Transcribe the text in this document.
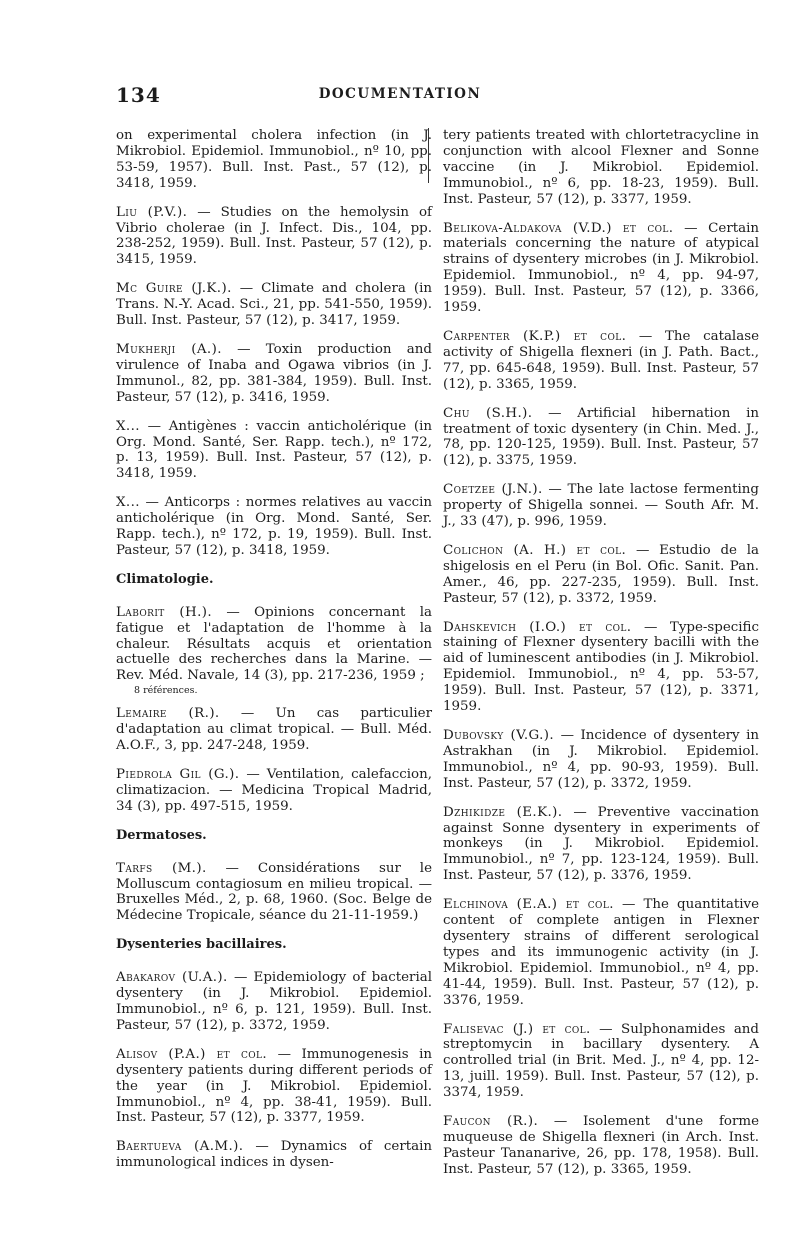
134	DOCUMENTATION
on experimental cholera infection (in J. Mikrobiol. Epidemiol. Immunobiol., nº 10, pp. 53-59, 1957). Bull. Inst. Past., 57 (12), p. 3418, 1959.
Liu (P.V.). — Studies on the hemolysin of Vibrio cholerae (in J. Infect. Dis., 104, pp. 238-252, 1959). Bull. Inst. Pasteur, 57 (12), p. 3415, 1959.
Mc Guire (J.K.). — Climate and cholera (in Trans. N.-Y. Acad. Sci., 21, pp. 541-550, 1959). Bull. Inst. Pasteur, 57 (12), p. 3417, 1959.
Mukherji (A.). — Toxin production and virulence of Inaba and Ogawa vibrios (in J. Immunol., 82, pp. 381-384, 1959). Bull. Inst. Pasteur, 57 (12), p. 3416, 1959.
X... — Antigènes : vaccin anticholérique (in Org. Mond. Santé, Ser. Rapp. tech.), nº 172, p. 13, 1959). Bull. Inst. Pasteur, 57 (12), p. 3418, 1959.
X... — Anticorps : normes relatives au vaccin anticholérique (in Org. Mond. Santé, Ser. Rapp. tech.), nº 172, p. 19, 1959). Bull. Inst. Pasteur, 57 (12), p. 3418, 1959.
Climatologie.
Laborit (H.). — Opinions concernant la fatigue et l'adaptation de l'homme à la chaleur. Résultats acquis et orientation actuelle des recherches dans la Marine. — Rev. Méd. Navale, 14 (3), pp. 217-236, 1959 ;
8 références.
Lemaire (R.). — Un cas particulier d'adaptation au climat tropical. — Bull. Méd. A.O.F., 3, pp. 247-248, 1959.
Piedrola Gil (G.). — Ventilation, calefaccion, climatizacion. — Medicina Tropical Madrid, 34 (3), pp. 497-515, 1959.
Dermatoses.
Tarfs (M.). — Considérations sur le Molluscum contagiosum en milieu tropical. — Bruxelles Méd., 2, p. 68, 1960. (Soc. Belge de Médecine Tropicale, séance du 21-11-1959.)
Dysenteries bacillaires.
Abakarov (U.A.). — Epidemiology of bacterial dysentery (in J. Mikrobiol. Epidemiol. Immunobiol., nº 6, p. 121, 1959). Bull. Inst. Pasteur, 57 (12), p. 3372, 1959.
Alisov (P.A.) et col. — Immunogenesis in dysentery patients during different periods of the year (in J. Mikrobiol. Epidemiol. Immunobiol., nº 4, pp. 38-41, 1959). Bull. Inst. Pasteur, 57 (12), p. 3377, 1959.
Baertueva (A.M.). — Dynamics of certain immunological indices in dysen-
tery patients treated with chlortetracycline in conjunction with alcool Flexner and Sonne vaccine (in J. Mikrobiol. Epidemiol. Immunobiol., nº 6, pp. 18-23, 1959). Bull. Inst. Pasteur, 57 (12), p. 3377, 1959.
Belikova-Aldakova (V.D.) et col. — Certain materials concerning the nature of atypical strains of dysentery microbes (in J. Mikrobiol. Epidemiol. Immunobiol., nº 4, pp. 94-97, 1959). Bull. Inst. Pasteur, 57 (12), p. 3366, 1959.
Carpenter (K.P.) et col. — The catalase activity of Shigella flexneri (in J. Path. Bact., 77, pp. 645-648, 1959). Bull. Inst. Pasteur, 57 (12), p. 3365, 1959.
Chu (S.H.). — Artificial hibernation in treatment of toxic dysentery (in Chin. Med. J., 78, pp. 120-125, 1959). Bull. Inst. Pasteur, 57 (12), p. 3375, 1959.
Coetzee (J.N.). — The late lactose fermenting property of Shigella sonnei. — South Afr. M. J., 33 (47), p. 996, 1959.
Colichon (A. H.) et col. — Estudio de la shigelosis en el Peru (in Bol. Ofic. Sanit. Pan. Amer., 46, pp. 227-235, 1959). Bull. Inst. Pasteur, 57 (12), p. 3372, 1959.
Dahskevich (I.O.) et col. — Type-specific staining of Flexner dysentery bacilli with the aid of luminescent antibodies (in J. Mikrobiol. Epidemiol. Immunobiol., nº 4, pp. 53-57, 1959). Bull. Inst. Pasteur, 57 (12), p. 3371, 1959.
Dubovsky (V.G.). — Incidence of dysentery in Astrakhan (in J. Mikrobiol. Epidemiol. Immunobiol., nº 4, pp. 90-93, 1959). Bull. Inst. Pasteur, 57 (12), p. 3372, 1959.
Dzhikidze (E.K.). — Preventive vaccination against Sonne dysentery in experiments of monkeys (in J. Mikrobiol. Epidemiol. Immunobiol., nº 7, pp. 123-124, 1959). Bull. Inst. Pasteur, 57 (12), p. 3376, 1959.
Elchinova (E.A.) et col. — The quantitative content of complete antigen in Flexner dysentery strains of different serological types and its immunogenic activity (in J. Mikrobiol. Epidemiol. Immunobiol., nº 4, pp. 41-44, 1959). Bull. Inst. Pasteur, 57 (12), p. 3376, 1959.
Falisevac (J.) et col. — Sulphonamides and streptomycin in bacillary dysentery. A controlled trial (in Brit. Med. J., nº 4, pp. 12-13, juill. 1959). Bull. Inst. Pasteur, 57 (12), p. 3374, 1959.
Faucon (R.). — Isolement d'une forme muqueuse de Shigella flexneri (in Arch. Inst. Pasteur Tananarive, 26, pp. 178, 1958). Bull. Inst. Pasteur, 57 (12), p. 3365, 1959.
